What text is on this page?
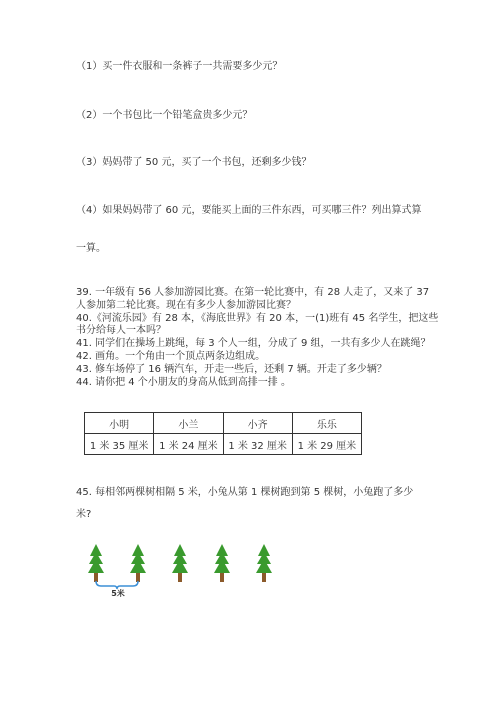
（1）买一件衣服和一条裤子一共需要多少元？
（2）一个书包比一个铅笔盒贵多少元？
（3）妈妈带了 50 元，买了一个书包，还剩多少钱？
（4）如果妈妈带了 60 元，要能买上面的三件东西，可买哪三件？列出算式算
一算。
39. 一年级有 56 人参加游园比赛。在第一轮比赛中，有 28 人走了，又来了 37
人参加第二轮比赛。现在有多少人参加游园比赛？
40.《河流乐园》有 28 本，《海底世界》有 20 本，一(1)班有 45 名学生，把这些
书分给每人一本吗？
41. 同学们在操场上跳绳，每 3 个人一组，分成了 9 组，一共有多少人在跳绳？
42. 画角。一个角由一个顶点两条边组成。
43. 修车场停了 16 辆汽车，开走一些后，还剩 7 辆。开走了多少辆？
44. 请你把 4 个小朋友的身高从低到高排一排 。
小明	小兰	小齐	乐乐
1 米 35 厘米	1 米 24 厘米	1 米 32 厘米	1 米 29 厘米
45. 每相邻两棵树相隔 5 米，小兔从第 1 棵树跑到第 5 棵树，小兔跑了多少
米?
5米
